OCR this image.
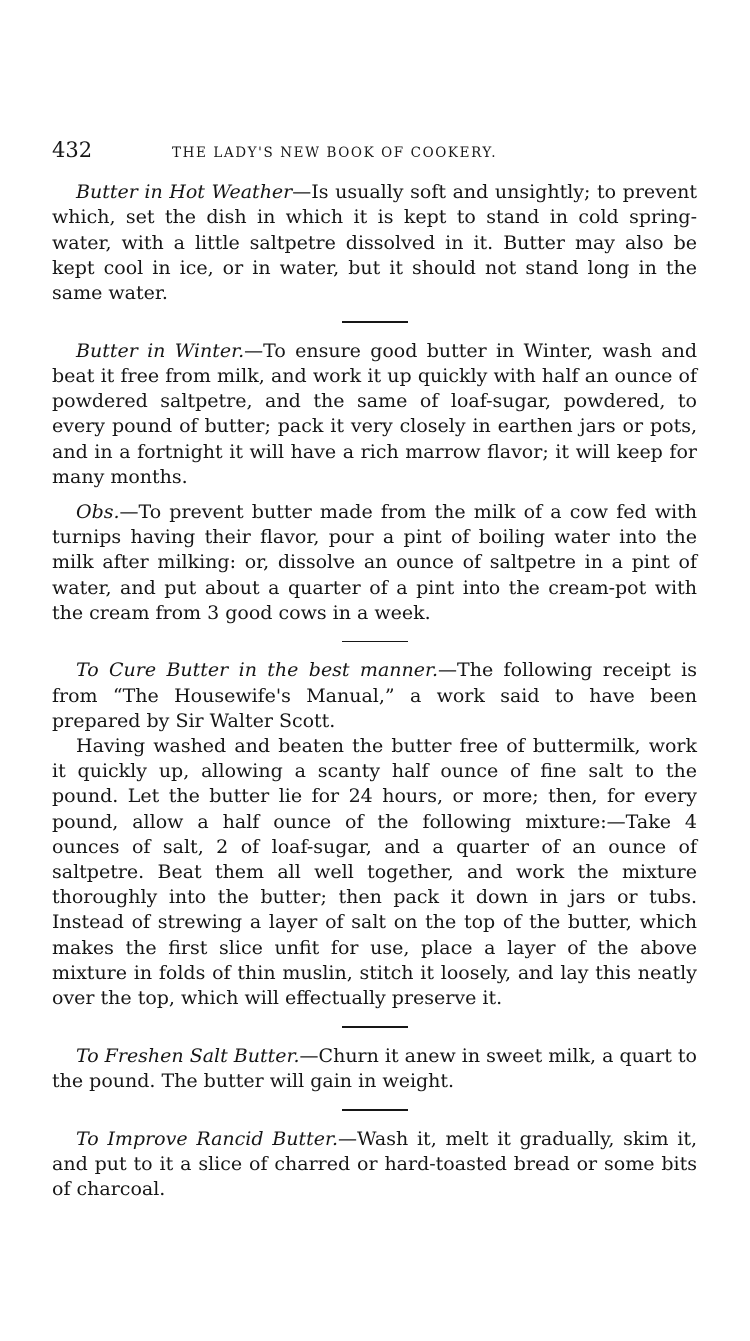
432	THE LADY'S NEW BOOK OF COOKERY.

Butter in Hot Weather—Is usually soft and unsightly; to prevent which, set the dish in which it is kept to stand in cold spring-water, with a little saltpetre dissolved in it. Butter may also be kept cool in ice, or in water, but it should not stand long in the same water.

Butter in Winter.—To ensure good butter in Winter, wash and beat it free from milk, and work it up quickly with half an ounce of powdered saltpetre, and the same of loaf-sugar, powdered, to every pound of butter; pack it very closely in earthen jars or pots, and in a fortnight it will have a rich marrow flavor; it will keep for many months.

Obs.—To prevent butter made from the milk of a cow fed with turnips having their flavor, pour a pint of boiling water into the milk after milking: or, dissolve an ounce of saltpetre in a pint of water, and put about a quarter of a pint into the cream-pot with the cream from 3 good cows in a week.

To Cure Butter in the best manner.—The following receipt is from “The Housewife's Manual,” a work said to have been prepared by Sir Walter Scott.

Having washed and beaten the butter free of buttermilk, work it quickly up, allowing a scanty half ounce of fine salt to the pound. Let the butter lie for 24 hours, or more; then, for every pound, allow a half ounce of the following mixture:—Take 4 ounces of salt, 2 of loaf-sugar, and a quarter of an ounce of saltpetre. Beat them all well together, and work the mixture thoroughly into the butter; then pack it down in jars or tubs. Instead of strewing a layer of salt on the top of the butter, which makes the first slice unfit for use, place a layer of the above mixture in folds of thin muslin, stitch it loosely, and lay this neatly over the top, which will effectually preserve it.

To Freshen Salt Butter.—Churn it anew in sweet milk, a quart to the pound. The butter will gain in weight.

To Improve Rancid Butter.—Wash it, melt it gradually, skim it, and put to it a slice of charred or hard-toasted bread or some bits of charcoal.
